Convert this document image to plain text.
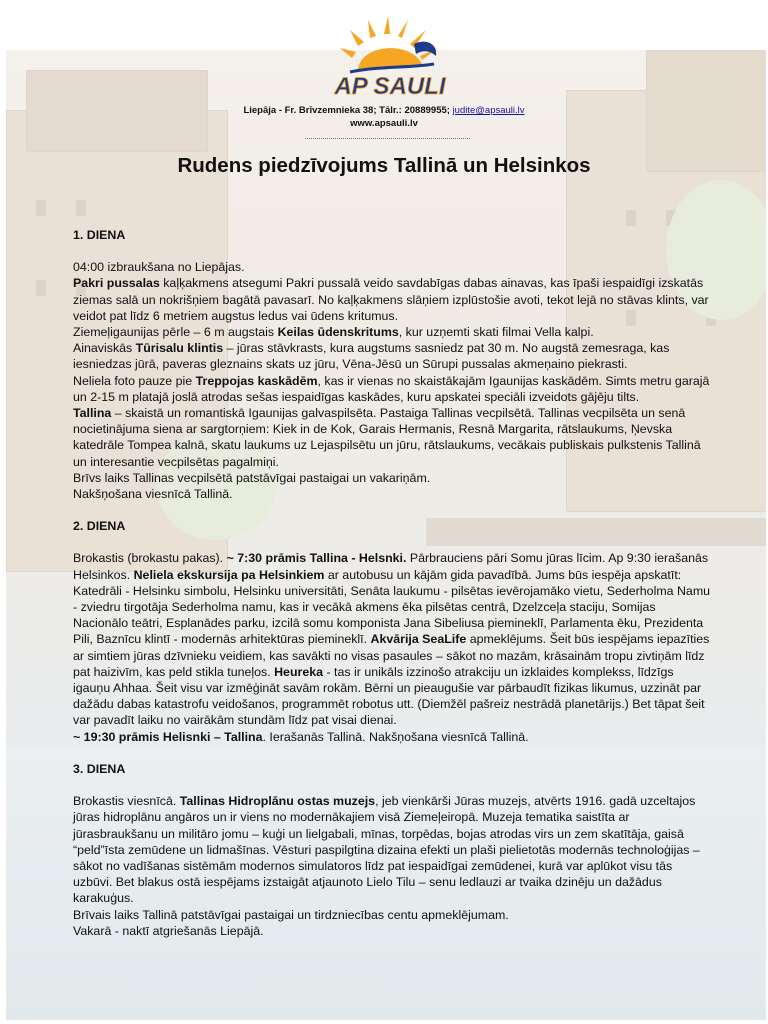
AP SAULI
Liepāja - Fr. Brīvzemnieka 38; Tālr.: 20889955; judite@apsauli.lv
www.apsauli.lv
Rudens piedzīvojums Tallinā un Helsinkos

1. DIENA

04:00 izbraukšana no Liepājas.

Pakri pussalas kaļķakmens atsegumi Pakri pussalā veido savdabīgas dabas ainavas, kas īpaši iespaidīgi izskatās ziemas salā un nokrišņiem bagātā pavasarī. No kaļķakmens slāņiem izplūstošie avoti, tekot lejā no stāvas klints, var veidot pat līdz 6 metriem augstus ledus vai ūdens kritumus.

Ziemeļigaunijas pērle – 6 m augstais Keilas ūdenskritums, kur uzņemti skati filmai Vella kalpi.

Ainaviskās Tūrisalu klintis – jūras stāvkrasts, kura augstums sasniedz pat 30 m. No augstā zemesraga, kas iesniedzas jūrā, paveras gleznains skats uz jūru, Vēna-Jēsū un Sūrupi pussalas akmeņaino piekrasti.

Neliela foto pauze pie Treppojas kaskādēm, kas ir vienas no skaistākajām Igaunijas kaskādēm. Simts metru garajā un 2-15 m platajā joslā atrodas sešas iespaidīgas kaskādes, kuru apskatei speciāli izveidots gājēju tilts.

Tallina – skaistā un romantiskā Igaunijas galvaspilsēta. Pastaiga Tallinas vecpilsētā. Tallinas vecpilsēta un senā nocietinājuma siena ar sargtorņiem: Kiek in de Kok, Garais Hermanis, Resnā Margarita, rātslaukums, Ņevska katedrāle Tompea kalnā, skatu laukums uz Lejaspilsētu un jūru, rātslaukums, vecākais publiskais pulkstenis Tallinā un interesantie vecpilsētas pagalmiņi.

Brīvs laiks Tallinas vecpilsētā patstāvīgai pastaigai un vakariņām.

Nakšņošana viesnīcā Tallinā.

2. DIENA

Brokastis (brokastu pakas). ~ 7:30 prāmis Tallina - Helsnki. Pārbrauciens pāri Somu jūras līcim. Ap 9:30 ierašanās Helsinkos. Neliela ekskursija pa Helsinkiem ar autobusu un kājām gida pavadībā. Jums būs iespēja apskatīt: Katedrāli - Helsinku simbolu, Helsinku universitāti, Senāta laukumu - pilsētas ievērojamāko vietu, Sederholma Namu - zviedru tirgotāja Sederholma namu, kas ir vecākā akmens ēka pilsētas centrā, Dzelzceļa staciju, Somijas Nacionālo teātri, Esplanādes parku, izcilā somu komponista Jana Sibeliusa piemineklī, Parlamenta ēku, Prezidenta Pili, Baznīcu klintī - modernās arhitektūras piemineklī. Akvārija SeaLife apmeklējums. Šeit būs iespējams iepazīties ar simtiem jūras dzīvnieku veidiem, kas savākti no visas pasaules – sākot no mazām, krāsainām tropu zivtiņām līdz pat haizivīm, kas peld stikla tuneļos. Heureka - tas ir unikāls izzinošo atrakciju un izklaides komplekss, līdzīgs igauņu Ahhaa. Šeit visu var izmēģināt savām rokām. Bērni un pieaugušie var pārbaudīt fizikas likumus, uzzināt par dažādu dabas katastrofu veidošanos, programmēt robotus utt. (Diemžēl pašreiz nestrādā planetārijs.) Bet tāpat šeit var pavadīt laiku no vairākām stundām līdz pat visai dienai.

~ 19:30 prāmis Helisnki – Tallina. Ierašanās Tallinā. Nakšņošana viesnīcā Tallinā.

3. DIENA

Brokastis viesnīcā. Tallinas Hidroplānu ostas muzejs, jeb vienkārši Jūras muzejs, atvērts 1916. gadā uzceltajos jūras hidroplānu angāros un ir viens no modernākajiem visā Ziemeļeiropā. Muzeja tematika saistīta ar jūrasbraukšanu un militāro jomu – kuģi un lielgabali, mīnas, torpēdas, bojas atrodas virs un zem skatītāja, gaisā “peld”īsta zemūdene un lidmašīnas. Vēsturi paspilgtina dizaina efekti un plaši pielietotās modernās technoloģijas – sākot no vadīšanas sistēmām modernos simulatoros līdz pat iespaidīgai zemūdenei, kurā var aplūkot visu tās uzbūvi. Bet blakus ostā iespējams izstaigāt atjaunoto Lielo Tilu – senu ledlauzi ar tvaika dzinēju un dažādus karakuģus.

Brīvais laiks Tallinā patstāvīgai pastaigai un tirdzniecības centu apmeklējumam.

Vakarā - naktī atgriešanās Liepājā.
